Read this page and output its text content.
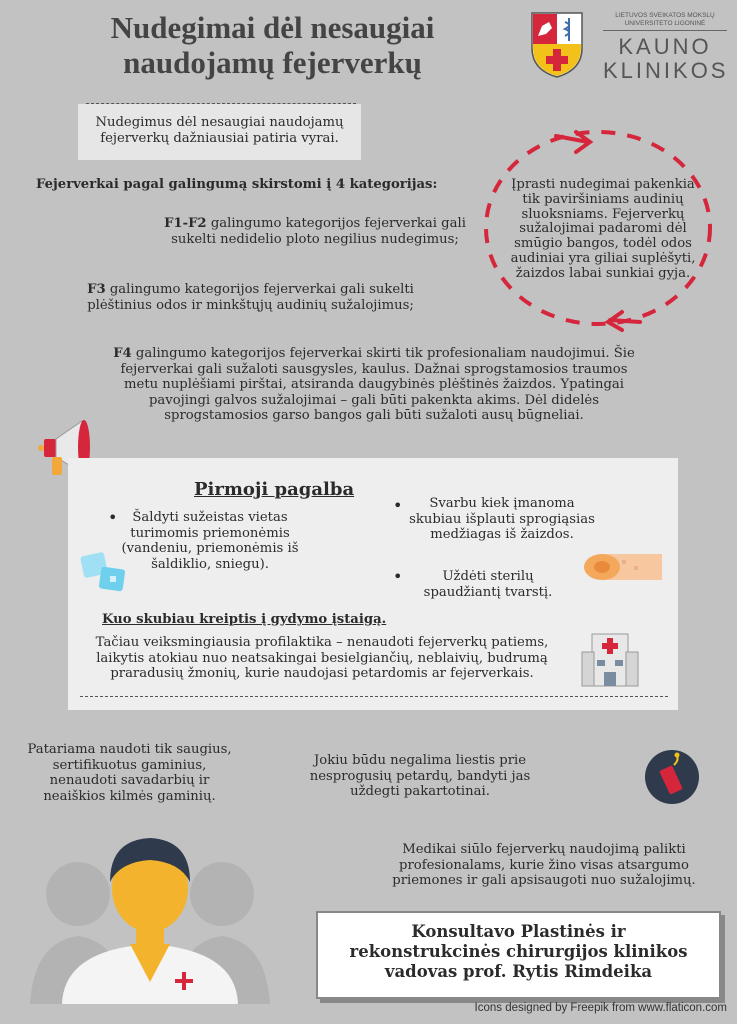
Nudegimai dėl nesaugiai
naudojamų fejerverkų
LIETUVOS SVEIKATOS MOKSLŲ
UNIVERSITETO LIGONINĖ
KAUNO
KLINIKOS
Nudegimus dėl nesaugiai naudojamų fejerverkų dažniausiai patiria vyrai.
Fejerverkai pagal galingumą skirstomi į 4 kategorijas:
F1-F2 galingumo kategorijos fejerverkai gali sukelti nedidelio ploto negilius nudegimus;
F3 galingumo kategorijos fejerverkai gali sukelti plėštinius odos ir minkštųjų audinių sužalojimus;
F4 galingumo kategorijos fejerverkai skirti tik profesionaliam naudojimui. Šie fejerverkai gali sužaloti sausgysles, kaulus. Dažnai sprogstamosios traumos metu nuplėšiami pirštai, atsiranda daugybinės plėštinės žaizdos. Ypatingai pavojingi galvos sužalojimai – gali būti pakenkta akims. Dėl didelės sprogstamosios garso bangos gali būti sužaloti ausų būgneliai.
Įprasti nudegimai pakenkia tik paviršiniams audinių sluoksniams. Fejerverkų sužalojimai padaromi dėl smūgio bangos, todėl odos audiniai yra giliai suplėšyti, žaizdos labai sunkiai gyja.
Pirmoji pagalba
•	Šaldyti sužeistas vietas turimomis priemonėmis (vandeniu, priemonėmis iš šaldiklio, sniegu).
•	Svarbu kiek įmanoma skubiau išplauti sprogiąsias medžiagas iš žaizdos.
•	Uždėti sterilų spaudžiantį tvarstį.
Kuo skubiau kreiptis į gydymo įstaigą.
Tačiau veiksmingiausia profilaktika – nenaudoti fejerverkų patiems, laikytis atokiau nuo neatsakingai besielgiančių, neblaivių, budrumą praradusių žmonių, kurie naudojasi petardomis ar fejerverkais.
Patariama naudoti tik saugius, sertifikuotus gaminius, nenaudoti savadarbių ir neaiškios kilmės gaminių.
Jokiu būdu negalima liestis prie nesprogusių petardų, bandyti jas uždegti pakartotinai.
Medikai siūlo fejerverkų naudojimą palikti profesionalams, kurie žino visas atsargumo priemones ir gali apsisaugoti nuo sužalojimų.
Konsultavo Plastinės ir rekonstrukcinės chirurgijos klinikos vadovas prof. Rytis Rimdeika
Icons designed by Freepik from www.flaticon.com
